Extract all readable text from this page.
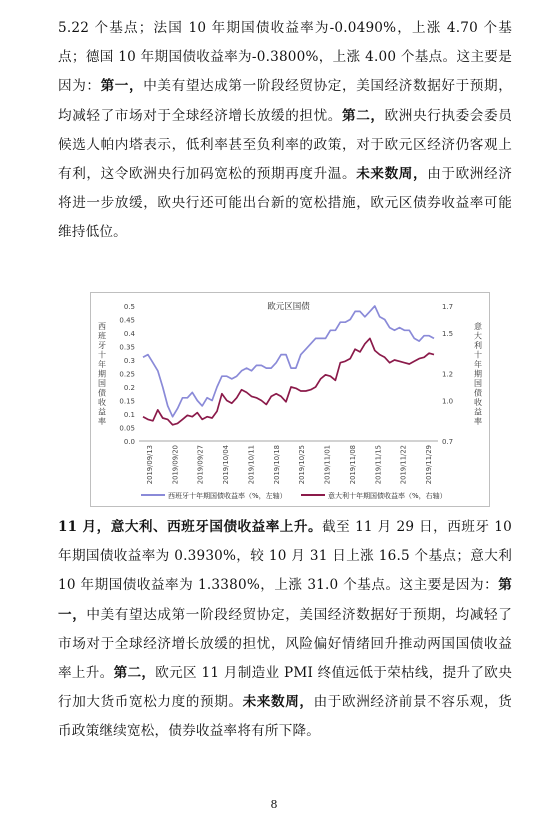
5.22 个基点；法国 10 年期国债收益率为-0.0490%，上涨 4.70 个基点；德国 10 年期国债收益率为-0.3800%，上涨 4.00 个基点。这主要是因为：第一，中美有望达成第一阶段经贸协定，美国经济数据好于预期，均减轻了市场对于全球经济增长放缓的担忧。第二，欧洲央行执委会委员候选人帕内塔表示，低利率甚至负利率的政策，对于欧元区经济仍客观上有利，这令欧洲央行加码宽松的预期再度升温。未来数周，由于欧洲经济将进一步放缓，欧央行还可能出台新的宽松措施，欧元区债券收益率可能维持低位。
欧元区国债
0.0
0.05
0.1
0.15
0.2
0.25
0.3
0.35
0.4
0.45
0.5
0.7
1.0
1.2
1.5
1.7
西班牙十年期国债收益率
意大利十年期国债收益率
2019/09/13	2019/09/20	2019/09/27	2019/10/04	2019/10/11	2019/10/18	2019/10/25	2019/11/01	2019/11/08	2019/11/15	2019/11/22	2019/11/29
西班牙十年期国债收益率（%，左轴）	意大利十年期国债收益率（%，右轴）
11 月，意大利、西班牙国债收益率上升。截至 11 月 29 日，西班牙 10 年期国债收益率为 0.3930%，较 10 月 31 日上涨 16.5 个基点；意大利 10 年期国债收益率为 1.3380%，上涨 31.0 个基点。这主要是因为：第一，中美有望达成第一阶段经贸协定，美国经济数据好于预期，均减轻了市场对于全球经济增长放缓的担忧，风险偏好情绪回升推动两国国债收益率上升。第二，欧元区 11 月制造业 PMI 终值远低于荣枯线，提升了欧央行加大货币宽松力度的预期。未来数周，由于欧洲经济前景不容乐观，货币政策继续宽松，债券收益率将有所下降。
8
